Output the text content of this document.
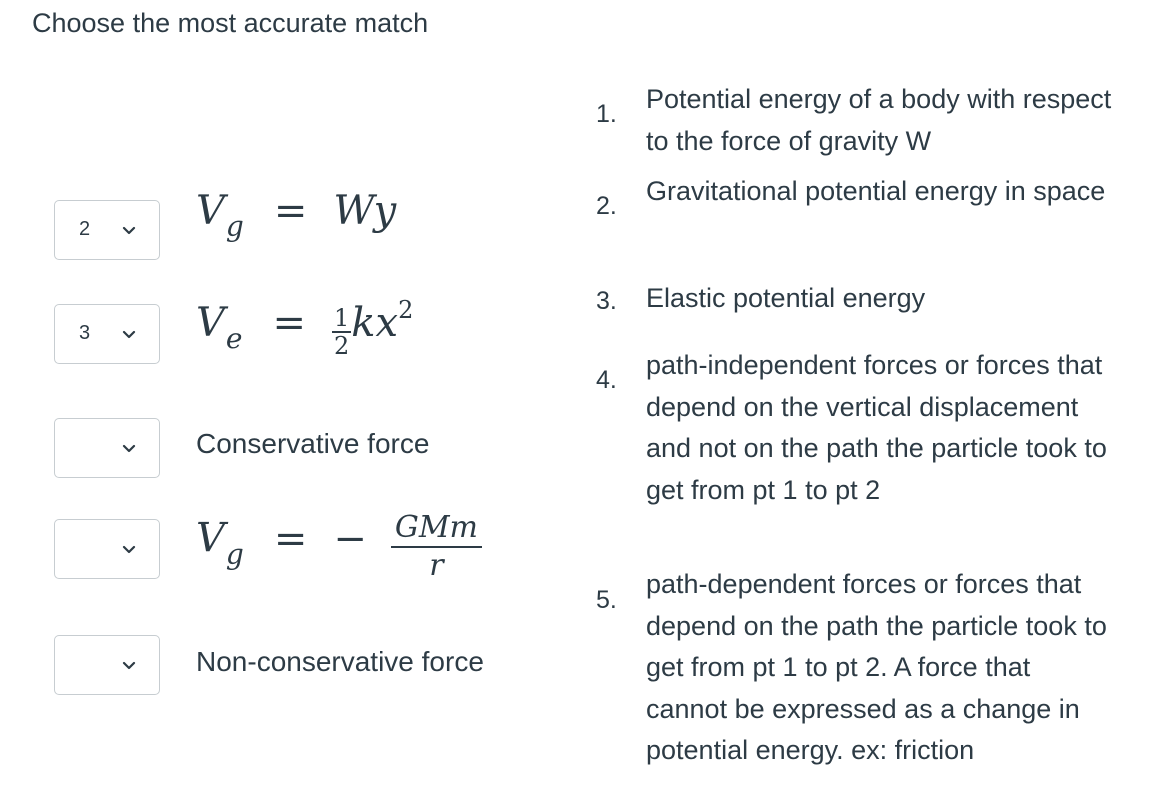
Choose the most accurate match
2	Vg = Wy
3	$Ve = \frac{1}{2} kx2$
Conservative force
Vg = − $\frac{\text{GMm}}{r}$
Non-conservative force
1. Potential energy of a body with respect to the force of gravity W
2. Gravitational potential energy in space
3. Elastic potential energy
4. path-independent forces or forces that depend on the vertical displacement and not on the path the particle took to get from pt 1 to pt 2
5.
path-dependent forces or forces that depend on the path the particle took to get from pt 1 to pt 2. A force that cannot be expressed as a change in potential energy. ex: friction
